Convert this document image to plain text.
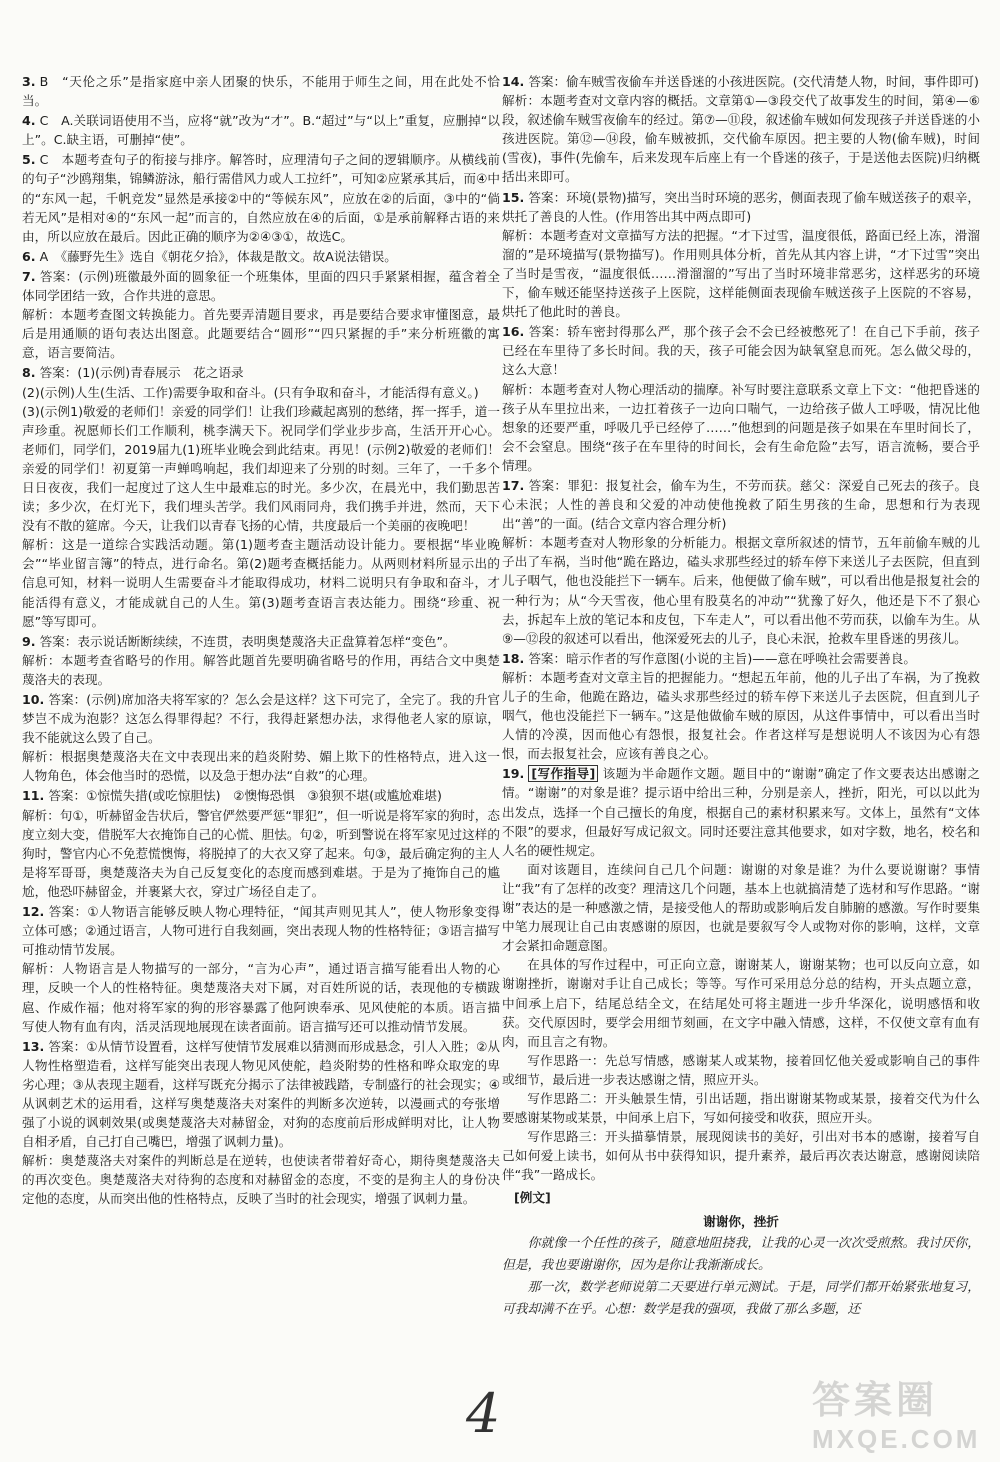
3. B　“天伦之乐”是指家庭中亲人团聚的快乐，不能用于师生之间，用在此处不恰当。

4. C　A.关联词语使用不当，应将“就”改为“才”。B.“超过”与“以上”重复，应删掉“以上”。C.缺主语，可删掉“使”。

5. C　本题考查句子的衔接与排序。解答时，应理清句子之间的逻辑顺序。从横线前的句子“沙鸥翔集，锦鳞游泳，船行需借风力或人工拉纤”，可知②应紧承其后，而④中的“东风一起，千帆竞发”显然是承接②中的“等候东风”，应放在②的后面，③中的“倘若无风”是相对④的“东风一起”而言的，自然应放在④的后面，①是承前解释古语的来由，所以应放在最后。因此正确的顺序为②④③①，故选C。

6. A　《藤野先生》选自《朝花夕拾》，体裁是散文。故A说法错误。

7. 答案：(示例)班徽最外面的圆象征一个班集体，里面的四只手紧紧相握，蕴含着全体同学团结一致，合作共进的意思。

解析：本题考查图文转换能力。首先要弄清题目要求，再是要结合要求审懂图意，最后是用通顺的语句表达出图意。此题要结合“圆形”“四只紧握的手”来分析班徽的寓意，语言要简洁。

8. 答案：(1)(示例)青春展示　花之语录

(2)(示例)人生(生活、工作)需要争取和奋斗。(只有争取和奋斗，才能活得有意义。)

(3)(示例1)敬爱的老师们！亲爱的同学们！让我们珍藏起离别的愁绪，挥一挥手，道一声珍重。祝愿师长们工作顺利，桃李满天下。祝同学们学业步步高，生活开开心心。老师们，同学们，2019届九(1)班毕业晚会到此结束。再见！(示例2)敬爱的老师们！亲爱的同学们！初夏第一声蝉鸣响起，我们却迎来了分别的时刻。三年了，一千多个日日夜夜，我们一起度过了这人生中最难忘的时光。多少次，在晨光中，我们勤思苦读；多少次，在灯光下，我们埋头苦学。我们风雨同舟，我们携手并进，然而，天下没有不散的筵席。今天，让我们以青春飞扬的心情，共度最后一个美丽的夜晚吧！

解析：这是一道综合实践活动题。第(1)题考查主题活动设计能力。要根据“毕业晚会”“毕业留言簿”的特点，进行命名。第(2)题考查概括能力。从两则材料所显示出的信息可知，材料一说明人生需要奋斗才能取得成功，材料二说明只有争取和奋斗，才能活得有意义，才能成就自己的人生。第(3)题考查语言表达能力。围绕“珍重、祝愿”等写即可。

9. 答案：表示说话断断续续，不连贯，表明奥楚蔑洛夫正盘算着怎样“变色”。

解析：本题考查省略号的作用。解答此题首先要明确省略号的作用，再结合文中奥楚蔑洛夫的表现。

10. 答案：(示例)席加洛夫将军家的？怎么会是这样？这下可完了，全完了。我的升官梦岂不成为泡影？这怎么得罪得起？不行，我得赶紧想办法，求得他老人家的原谅，我不能就这么毁了自己。

解析：根据奥楚蔑洛夫在文中表现出来的趋炎附势、媚上欺下的性格特点，进入这一人物角色，体会他当时的恐慌，以及急于想办法“自救”的心理。

11. 答案：①惊慌失措(或吃惊胆怯)　②懊悔恐惧　③狼狈不堪(或尴尬难堪)

解析：句①，听赫留金告状后，警官俨然要严惩“罪犯”，但一听说是将军家的狗时，态度立刻大变，借脱军大衣掩饰自己的心慌、胆怯。句②，听到警说在将军家见过这样的狗时，警官内心不免惹慌懊悔，将脱掉了的大衣又穿了起来。句③，最后确定狗的主人是将军哥哥，奥楚蔑洛夫为自己反复变化的态度而感到难堪。于是为了掩饰自己的尴尬，他恐吓赫留金，并裹紧大衣，穿过广场径自走了。

12. 答案：①人物语言能够反映人物心理特征，“闻其声则见其人”，使人物形象变得立体可感；②通过语言，人物可进行自我刻画，突出表现人物的性格特征；③语言描写可推动情节发展。

解析：人物语言是人物描写的一部分，“言为心声”，通过语言描写能看出人物的心理，反映一个人的性格特征。奥楚蔑洛夫对下属，对百姓所说的话，表现他的专横跋扈、作威作福；他对将军家的狗的形容暴露了他阿谀奉承、见风使舵的本质。语言描写使人物有血有肉，活灵活现地展现在读者面前。语言描写还可以推动情节发展。

13. 答案：①从情节设置看，这样写使情节发展难以猜测而形成悬念，引人入胜；②从人物性格塑造看，这样写能突出表现人物见风使舵，趋炎附势的性格和哗众取宠的卑劣心理；③从表现主题看，这样写既充分揭示了法律被践踏，专制盛行的社会现实；④从讽刺艺术的运用看，这样写奥楚蔑洛夫对案件的判断多次逆转，以漫画式的夸张增强了小说的讽刺效果(或奥楚蔑洛夫对赫留金，对狗的态度前后形成鲜明对比，让人物自相矛盾，自己打自己嘴巴，增强了讽刺力量)。

解析：奥楚蔑洛夫对案件的判断总是在逆转，也使读者带着好奇心，期待奥楚蔑洛夫的再次变色。奥楚蔑洛夫对待狗的态度和对赫留金的态度，不变的是狗主人的身份决定他的态度，从而突出他的性格特点，反映了当时的社会现实，增强了讽刺力量。

14. 答案：偷车贼雪夜偷车并送昏迷的小孩进医院。(交代清楚人物，时间，事件即可)

解析：本题考查对文章内容的概括。文章第①—③段交代了故事发生的时间，第④—⑥段，叙述偷车贼雪夜偷车的经过。第⑦—⑪段，叙述偷车贼如何发现孩子并送昏迷的小孩进医院。第⑫—⑭段，偷车贼被抓，交代偷车原因。把主要的人物(偷车贼)，时间(雪夜)，事件(先偷车，后来发现车后座上有一个昏迷的孩子，于是送他去医院)归纳概括出来即可。

15. 答案：环境(景物)描写，突出当时环境的恶劣，侧面表现了偷车贼送孩子的艰辛，烘托了善良的人性。(作用答出其中两点即可)

解析：本题考查对文章描写方法的把握。“才下过雪，温度很低，路面已经上冻，滑溜溜的”是环境描写(景物描写)。作用则具体分析，首先从其内容上讲，“才下过雪”突出了当时是雪夜，“温度很低……滑溜溜的”写出了当时环境非常恶劣，这样恶劣的环境下，偷车贼还能坚持送孩子上医院，这样能侧面表现偷车贼送孩子上医院的不容易，烘托了他此时的善良。

16. 答案：轿车密封得那么严，那个孩子会不会已经被憋死了！在自己下手前，孩子已经在车里待了多长时间。我的天，孩子可能会因为缺氧窒息而死。怎么做父母的，这么大意！

解析：本题考查对人物心理活动的揣摩。补写时要注意联系文章上下文：“他把昏迷的孩子从车里拉出来，一边扛着孩子一边向口喘气，一边给孩子做人工呼吸，情况比他想象的还要严重，呼吸几乎已经停了……”他想到的问题是孩子如果在车里时间长了，会不会窒息。围绕“孩子在车里待的时间长，会有生命危险”去写，语言流畅，要合乎情理。

17. 答案：罪犯：报复社会，偷车为生，不劳而获。慈父：深爱自己死去的孩子。良心未泯；人性的善良和父爱的冲动使他挽救了陌生男孩的生命，思想和行为表现出“善”的一面。(结合文章内容合理分析)

解析：本题考查对人物形象的分析能力。根据文章所叙述的情节，五年前偷车贼的儿子出了车祸，当时他“跪在路边，磕头求那些经过的轿车停下来送儿子去医院，但直到儿子咽气，他也没能拦下一辆车。后来，他便做了偷车贼”，可以看出他是报复社会的一种行为；从“今天雪夜，他心里有股莫名的冲动”“犹豫了好久，他还是下不了狠心去，拆起车上放的笔记本和皮包，下车走人”，可以看出他不劳而获，以偷车为生。从⑨—⑫段的叙述可以看出，他深爱死去的儿子，良心未泯，抢救车里昏迷的男孩儿。

18. 答案：暗示作者的写作意图(小说的主旨)——意在呼唤社会需要善良。

解析：本题考查对文章主旨的把握能力。“想起五年前，他的儿子出了车祸，为了挽救儿子的生命，他跪在路边，磕头求那些经过的轿车停下来送儿子去医院，但直到儿子咽气，他也没能拦下一辆车。”这是他做偷车贼的原因，从这件事情中，可以看出当时人情的冷漠，因而他心有怨恨，报复社会。作者这样写是想说明人不该因为心有怨恨，而去报复社会，应该有善良之心。

19. [写作指导] 该题为半命题作文题。题目中的“谢谢”确定了作文要表达出感谢之情。“谢谢”的对象是谁？提示语中给出三种，分别是亲人，挫折，阳光，可以以此为出发点，选择一个自己擅长的角度，根据自己的素材积累来写。文体上，虽然有“文体不限”的要求，但最好写成记叙文。同时还要注意其他要求，如对字数，地名，校名和人名的硬性规定。

面对该题目，连续问自己几个问题：谢谢的对象是谁？为什么要说谢谢？事情让“我”有了怎样的改变？理清这几个问题，基本上也就搞清楚了选材和写作思路。“谢谢”表达的是一种感激之情，是接受他人的帮助或影响后发自肺腑的感激。写作时要集中笔力展现让自己由衷感谢的原因，也就是要叙写令人或物对你的影响，这样，文章才会紧扣命题意图。

在具体的写作过程中，可正向立意，谢谢某人，谢谢某物；也可以反向立意，如谢谢挫折，谢谢对手让自己成长；等等。写作可采用总分总的结构，开头点题立意，中间承上启下，结尾总结全文，在结尾处可将主题进一步升华深化，说明感悟和收获。交代原因时，要学会用细节刻画，在文字中融入情感，这样，不仅使文章有血有肉，而且言之有物。

写作思路一：先总写情感，感谢某人或某物，接着回忆他关爱或影响自己的事件或细节，最后进一步表达感谢之情，照应开头。

写作思路二：开头触景生情，引出话题，指出谢谢某物或某景，接着交代为什么要感谢某物或某景，中间承上启下，写如何接受和收获，照应开头。

写作思路三：开头描摹情景，展现阅读书的美好，引出对书本的感谢，接着写自己如何爱上读书，如何从书中获得知识，提升素养，最后再次表达谢意，感谢阅读陪伴“我”一路成长。

[例文]
谢谢你，挫折

你就像一个任性的孩子，随意地阻挠我，让我的心灵一次次受煎熬。我讨厌你，但是，我也要谢谢你，因为是你让我渐渐成长。

那一次，数学老师说第二天要进行单元测试。于是，同学们都开始紧张地复习，可我却满不在乎。心想：数学是我的强项，我做了那么多题，还

4	答案圈
MXQE.COM
